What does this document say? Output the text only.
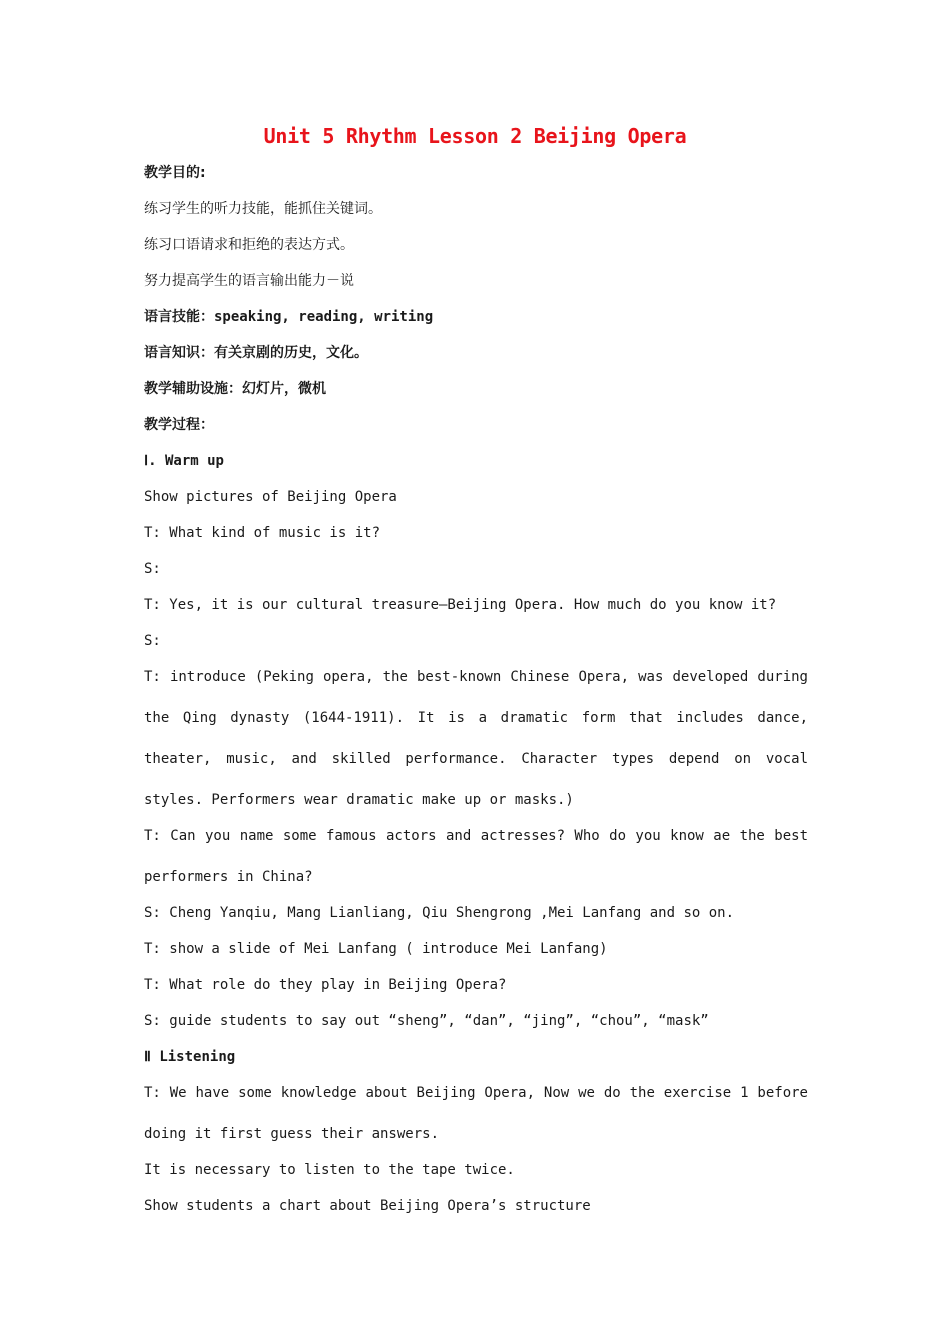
Unit 5 Rhythm Lesson 2 Beijing Opera
教学目的:
练习学生的听力技能，能抓住关键词。
练习口语请求和拒绝的表达方式。
努力提高学生的语言输出能力－说
语言技能：speaking, reading, writing
语言知识：有关京剧的历史，文化。
教学辅助设施：幻灯片，微机
教学过程：
Ⅰ. Warm up
Show pictures of Beijing Opera
T: What kind of music is it?
S:
T: Yes, it is our cultural treasure—Beijing Opera. How much do you know it?
S:
T: introduce (Peking opera, the best-known Chinese Opera, was developed during
the Qing dynasty (1644-1911). It is a dramatic form that includes dance,
theater, music, and skilled performance. Character types depend on vocal
styles. Performers wear dramatic make up or masks.)
T: Can you name some famous actors and actresses? Who do you know ae the best
performers in China?
S: Cheng Yanqiu, Mang Lianliang, Qiu Shengrong ,Mei Lanfang and so on.
T: show a slide of Mei Lanfang ( introduce Mei Lanfang)
T: What role do they play in Beijing Opera?
S: guide students to say out “sheng”, “dan”, “jing”, “chou”, “mask”
Ⅱ Listening
T: We have some knowledge about Beijing Opera, Now we do the exercise 1 before
doing it first guess their answers.
It is necessary to listen to the tape twice.
Show students a chart about Beijing Opera’s structure
